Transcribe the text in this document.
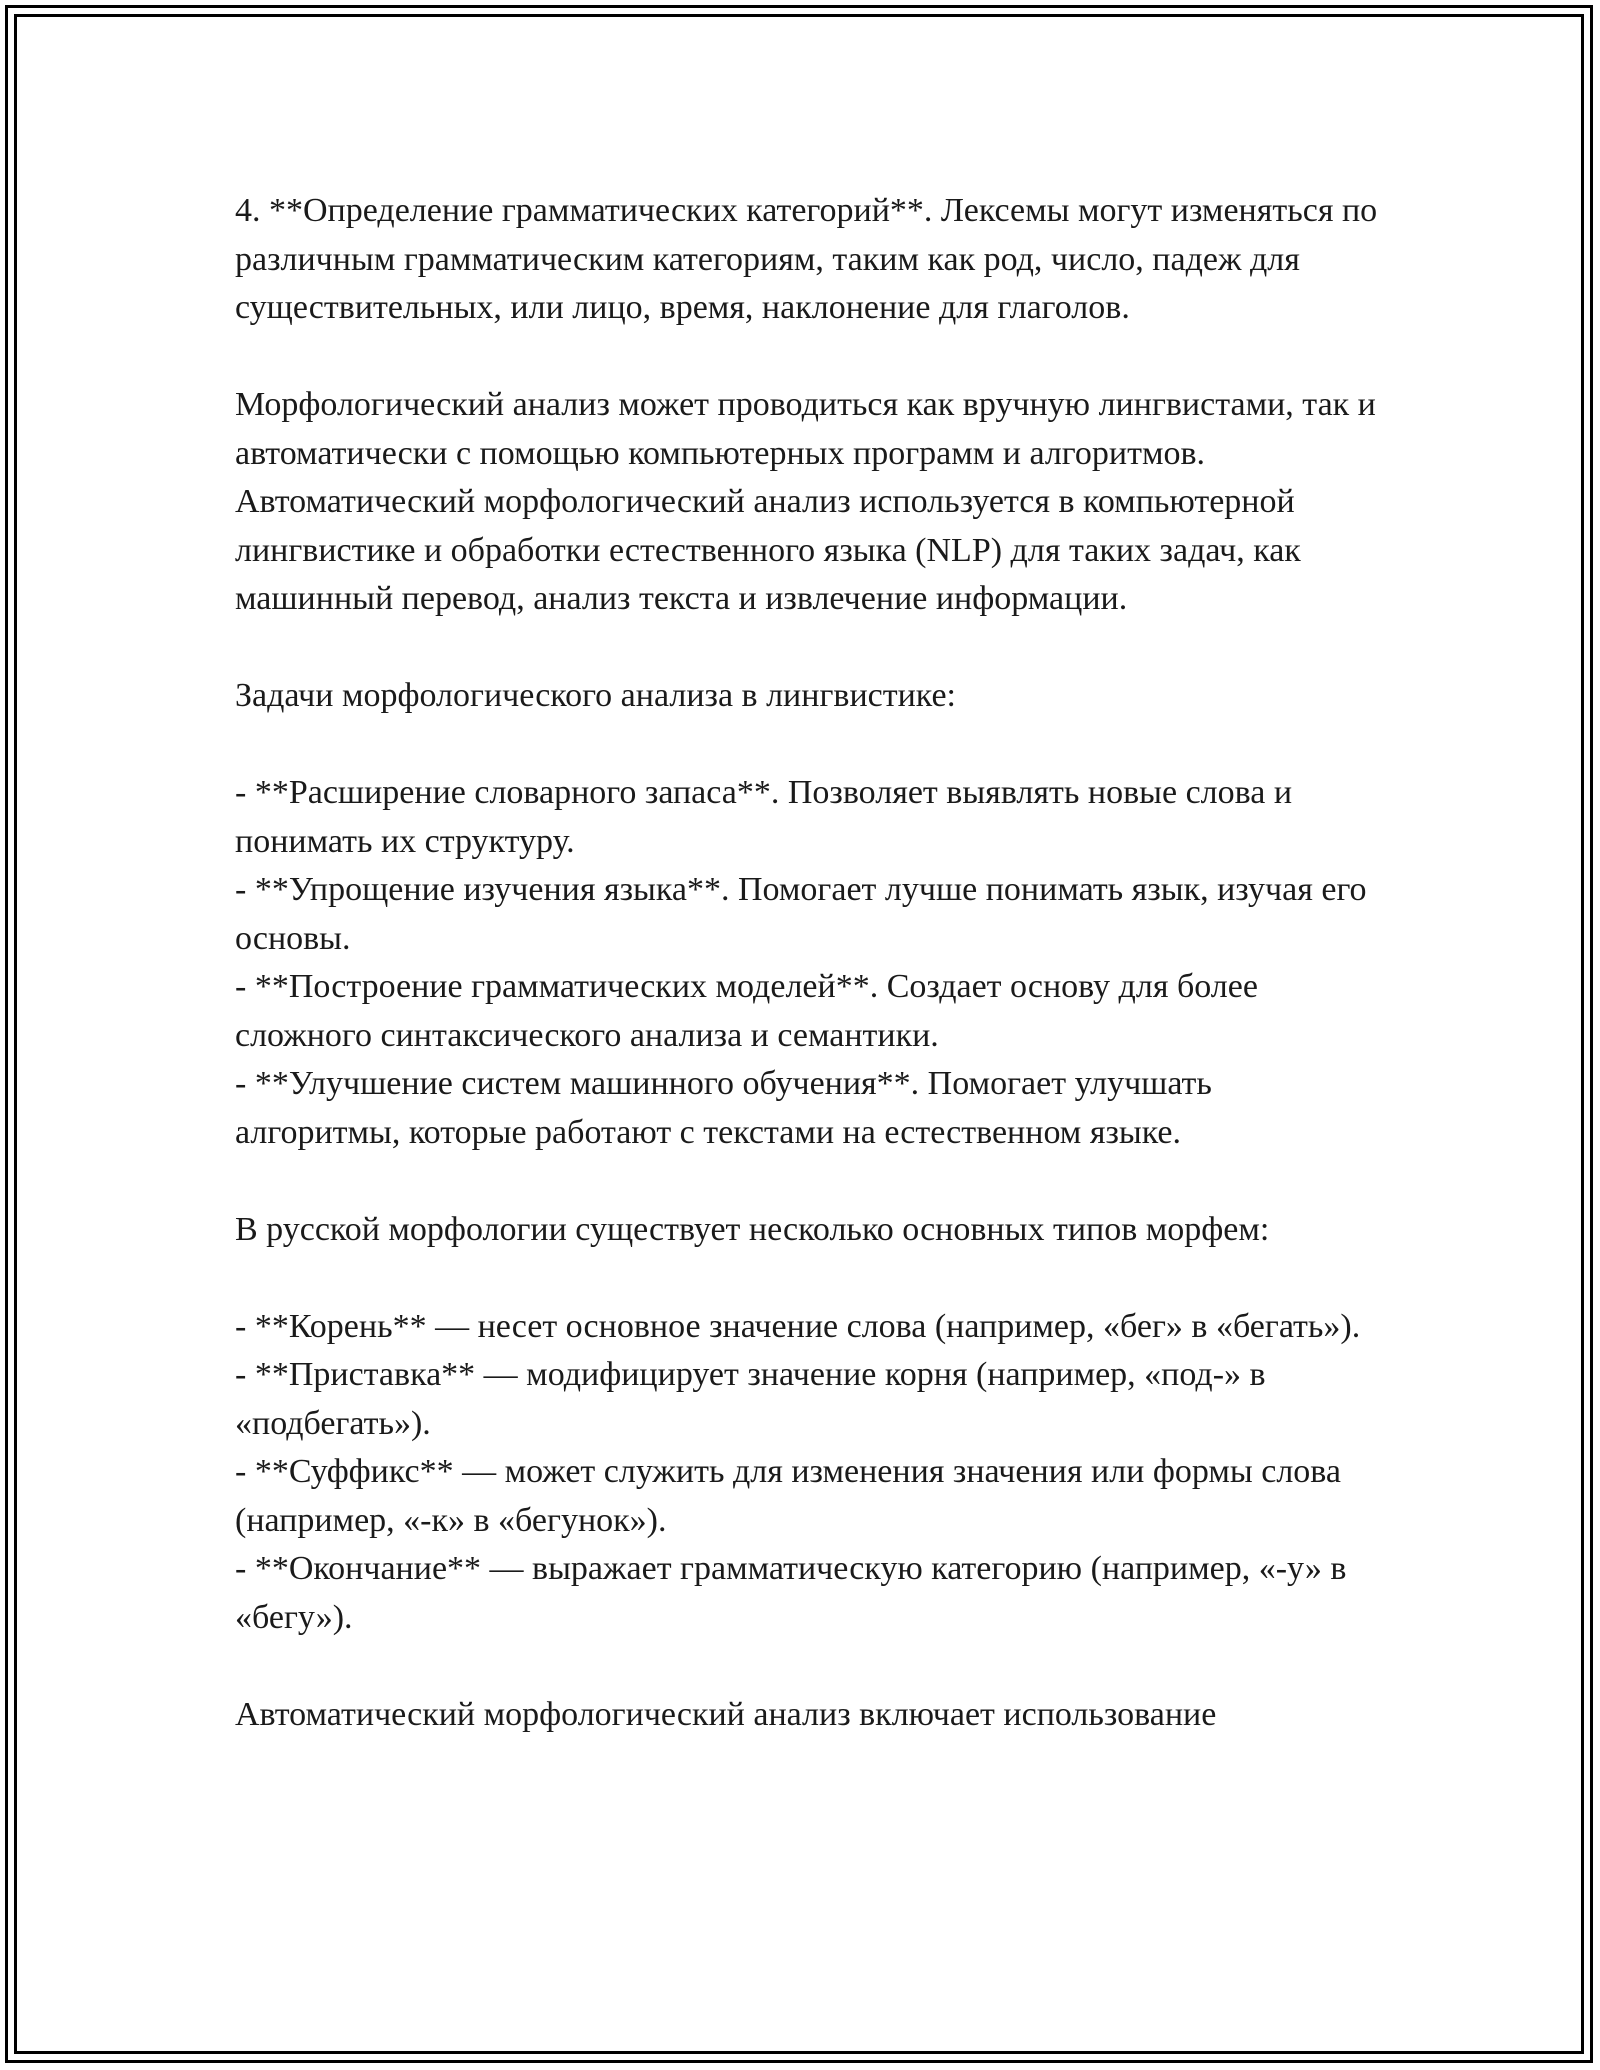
4. **Определение грамматических категорий**. Лексемы могут изменяться по различным грамматическим категориям, таким как род, число, падеж для существительных, или лицо, время, наклонение для глаголов.

Морфологический анализ может проводиться как вручную лингвистами, так и автоматически с помощью компьютерных программ и алгоритмов. Автоматический морфологический анализ используется в компьютерной лингвистике и обработки естественного языка (NLP) для таких задач, как машинный перевод, анализ текста и извлечение информации.

Задачи морфологического анализа в лингвистике:

- **Расширение словарного запаса**. Позволяет выявлять новые слова и понимать их структуру.

- **Упрощение изучения языка**. Помогает лучше понимать язык, изучая его основы.

- **Построение грамматических моделей**. Создает основу для более сложного синтаксического анализа и семантики.

- **Улучшение систем машинного обучения**. Помогает улучшать алгоритмы, которые работают с текстами на естественном языке.

В русской морфологии существует несколько основных типов морфем:

- **Корень** — несет основное значение слова (например, «бег» в «бегать»).

- **Приставка** — модифицирует значение корня (например, «под-» в «подбегать»).

- **Суффикс** — может служить для изменения значения или формы слова (например, «-к» в «бегунок»).

- **Окончание** — выражает грамматическую категорию (например, «-у» в «бегу»).

Автоматический морфологический анализ включает использование
